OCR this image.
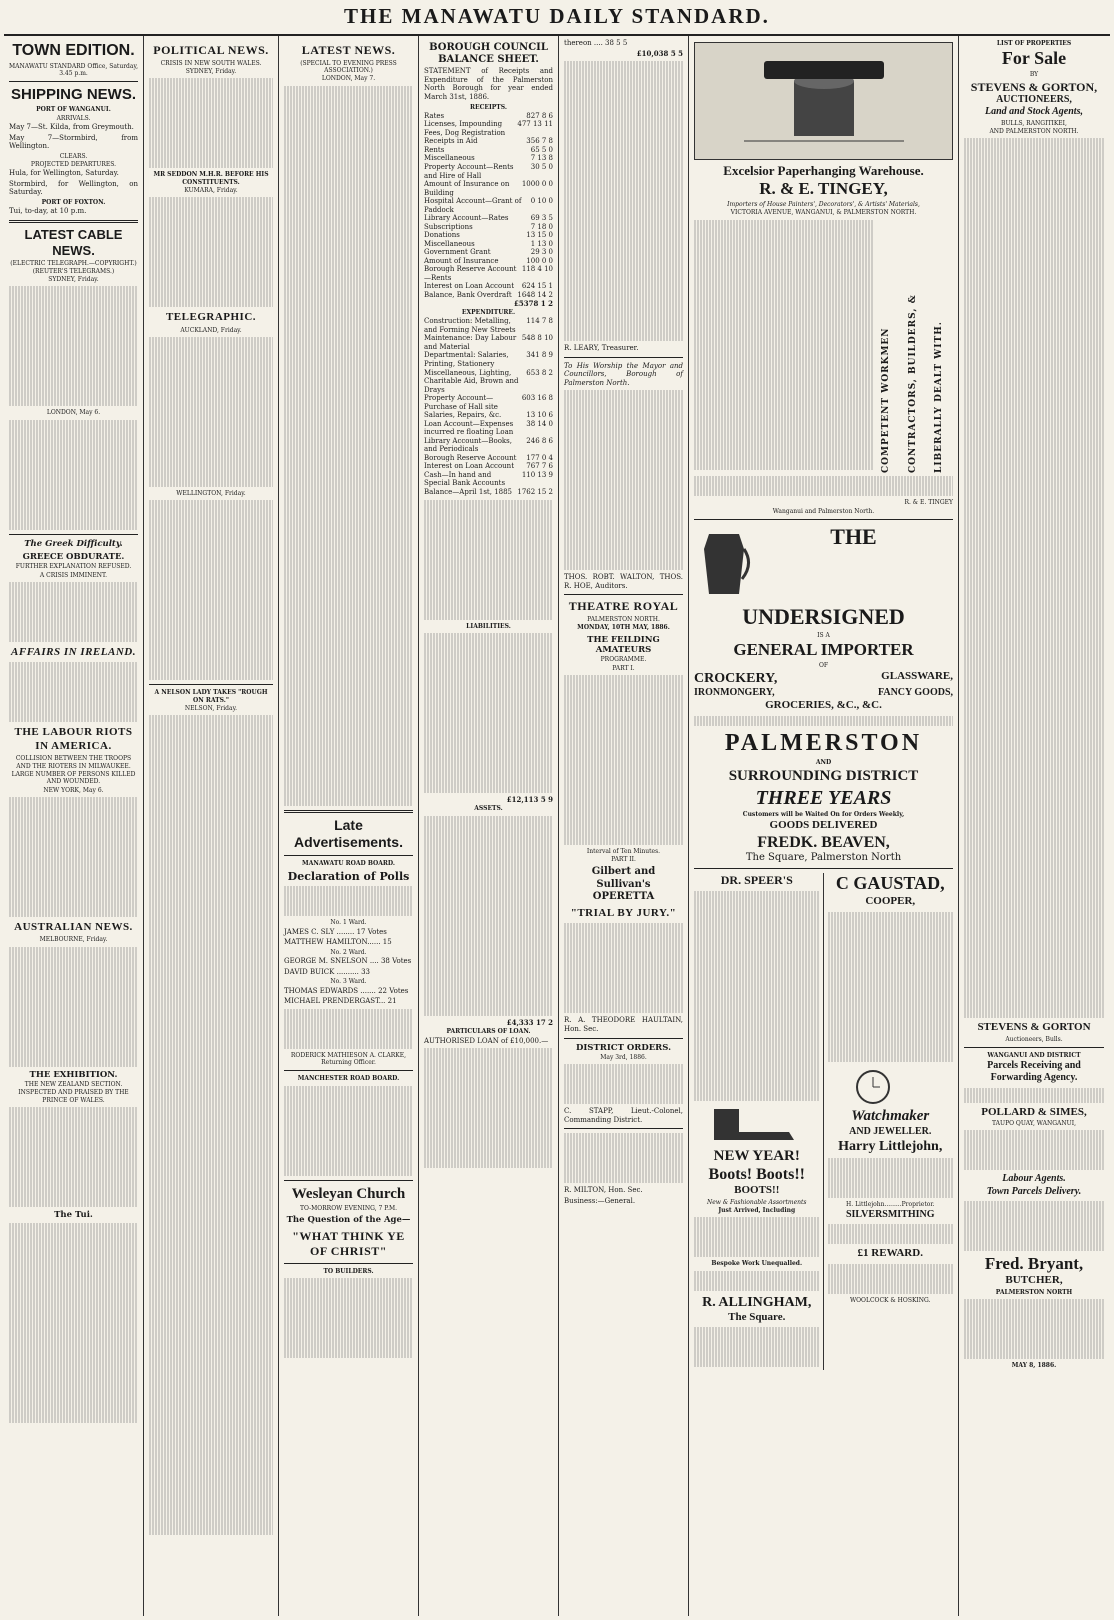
THE MANAWATU DAILY STANDARD.
TOWN EDITION.
MANAWATU STANDARD Office, Saturday, 3.45 p.m.
SHIPPING NEWS.
PORT OF WANGANUI.
ARRIVALS.

May 7—St. Kilda, from Greymouth.

May 7—Stormbird, from Wellington.

CLEARS.
PROJECTED DEPARTURES.

Hula, for Wellington, Saturday.

Stormbird, for Wellington, on Saturday.

PORT OF FOXTON.

Tui, to-day, at 10 p.m.

LATEST CABLE NEWS.
(ELECTRIC TELEGRAPH.—COPYRIGHT.) (REUTER'S TELEGRAMS.)
SYDNEY, Friday.
LONDON, May 6.
The Greek Difficulty.
GREECE OBDURATE.
FURTHER EXPLANATION REFUSED.
A CRISIS IMMINENT.
AFFAIRS IN IRELAND.
THE LABOUR RIOTS IN AMERICA.
COLLISION BETWEEN THE TROOPS AND THE RIOTERS IN MILWAUKEE.
LARGE NUMBER OF PERSONS KILLED AND WOUNDED.
NEW YORK, May 6.
AUSTRALIAN NEWS.
MELBOURNE, Friday.
THE EXHIBITION.
THE NEW ZEALAND SECTION.
INSPECTED AND PRAISED BY THE PRINCE OF WALES.
The Tui.
POLITICAL NEWS.
CRISIS IN NEW SOUTH WALES.
SYDNEY, Friday.
MR SEDDON M.H.R. BEFORE HIS CONSTITUENTS.
KUMARA, Friday.
TELEGRAPHIC.
AUCKLAND, Friday.
WELLINGTON, Friday.
A NELSON LADY TAKES "ROUGH ON RATS."
NELSON, Friday.
LATEST NEWS.
(SPECIAL TO EVENING PRESS ASSOCIATION.)
LONDON, May 7.
Late Advertisements.
MANAWATU ROAD BOARD.
Declaration of Polls
No. 1 Ward.

JAMES C. SLY ........ 17 Votes

MATTHEW HAMILTON...... 15

No. 2 Ward.

GEORGE M. SNELSON .... 38 Votes

DAVID BUICK .......... 33

No. 3 Ward.

THOMAS EDWARDS ....... 22 Votes

MICHAEL PRENDERGAST... 21

RODERICK MATHIESON A. CLARKE, Returning Officer.
MANCHESTER ROAD BOARD.
Wesleyan Church
TO-MORROW EVENING, 7 P.M.
The Question of the Age—
"WHAT THINK YE OF CHRIST"
TO BUILDERS.
BOROUGH COUNCIL BALANCE SHEET.

STATEMENT of Receipts and Expenditure of the Palmerston North Borough for year ended March 31st, 1886.

RECEIPTS.
Rates	827 8 6
Licenses, Impounding Fees, Dog Registration
477 13 11
Receipts in Aid	356 7 8
Rents	65 5 0
Miscellaneous	7 13 8
Property Account—Rents and Hire of Hall
30 5 0
Amount of Insurance on Building
1000 0 0
Hospital Account—Grant of Paddock
0 10 0
Library Account—Rates	69 3 5
Subscriptions	7 18 0
Donations	13 15 0
Miscellaneous	1 13 0
Government Grant	29 3 0
Amount of Insurance	100 0 0
Borough Reserve Account—Rents
118 4 10
Interest on Loan Account	624 15 1
Balance, Bank Overdraft 1648 14 2
£5378 1 2
EXPENDITURE.
Construction: Metalling, and Forming New Streets
114 7 8
Maintenance: Day Labour and Material
548 8 10
Departmental: Salaries, Printing, Stationery
341 8 9
Miscellaneous, Lighting, Charitable Aid, Brown and Drays
653 8 2
Property Account—Purchase of Hall site
603 16 8
Salaries, Repairs, &c.	13 10 6
Loan Account—Expenses incurred re floating Loan
38 14 0
Library Account—Books, and Periodicals
246 8 6
Borough Reserve Account	177 0 4
Interest on Loan Account	767 7 6
Cash—In hand and Special Bank Accounts
110 13 9
Balance—April 1st, 1885 1762 15 2
LIABILITIES.
£12,113 5 9
ASSETS.
£4,333 17 2
PARTICULARS OF LOAN.

AUTHORISED LOAN of £10,000.—

thereon .... 38 5 5

£10,038 5 5

R. LEARY, Treasurer.

To His Worship the Mayor and Councillors, Borough of Palmerston North.

THOS. ROBT. WALTON, THOS. R. HOE, Auditors.

THEATRE ROYAL
PALMERSTON NORTH.
MONDAY, 10TH MAY, 1886.
THE FEILDING AMATEURS
PROGRAMME.
PART I.
Interval of Ten Minutes.
PART II.
Gilbert and Sullivan's OPERETTA
"TRIAL BY JURY."

R. A. THEODORE HAULTAIN, Hon. Sec.

DISTRICT ORDERS.
May 3rd, 1886.

C. STAPP, Lieut.-Colonel, Commanding District.

R. MILTON, Hon. Sec.

Business:—General.

Excelsior Paperhanging Warehouse.
R. & E. TINGEY,
Importers of House Painters', Decorators', & Artists' Materials,
VICTORIA AVENUE, WANGANUI, & PALMERSTON NORTH.
COMPETENT WORKMEN CONTRACTORS, BUILDERS, & LIBERALLY DEALT WITH.
R. & E. TINGEY
Wanganui and Palmerston North.
THE
UNDERSIGNED
IS A
GENERAL IMPORTER
OF
CROCKERY,	GLASSWARE,
IRONMONGERY,	FANCY GOODS,
GROCERIES, &C., &C.
PALMERSTON
AND
SURROUNDING DISTRICT
THREE YEARS
Customers will be Waited On for Orders Weekly,
GOODS DELIVERED
FREDK. BEAVEN,
The Square, Palmerston North
DR. SPEER'S
NEW YEAR!
Boots! Boots!!
BOOTS!!
New & Fashionable Assortments
Just Arrived, Including
Bespoke Work Unequalled.
R. ALLINGHAM,
The Square.
C GAUSTAD,
COOPER,
Watchmaker
AND JEWELLER.
Harry Littlejohn,
H. Littlejohn.........Proprietor.
SILVERSMITHING
£1 REWARD.
WOOLCOCK & HOSKING.
LIST OF PROPERTIES
For Sale
BY
STEVENS & GORTON,
AUCTIONEERS,
Land and Stock Agents,
BULLS, RANGITIKEI,
AND PALMERSTON NORTH.
STEVENS & GORTON
Auctioneers, Bulls.
WANGANUI AND DISTRICT
Parcels Receiving and Forwarding Agency.
POLLARD & SIMES,
TAUPO QUAY, WANGANUI,
Labour Agents.
Town Parcels Delivery.
Fred. Bryant,
BUTCHER,
PALMERSTON NORTH
MAY 8, 1886.
